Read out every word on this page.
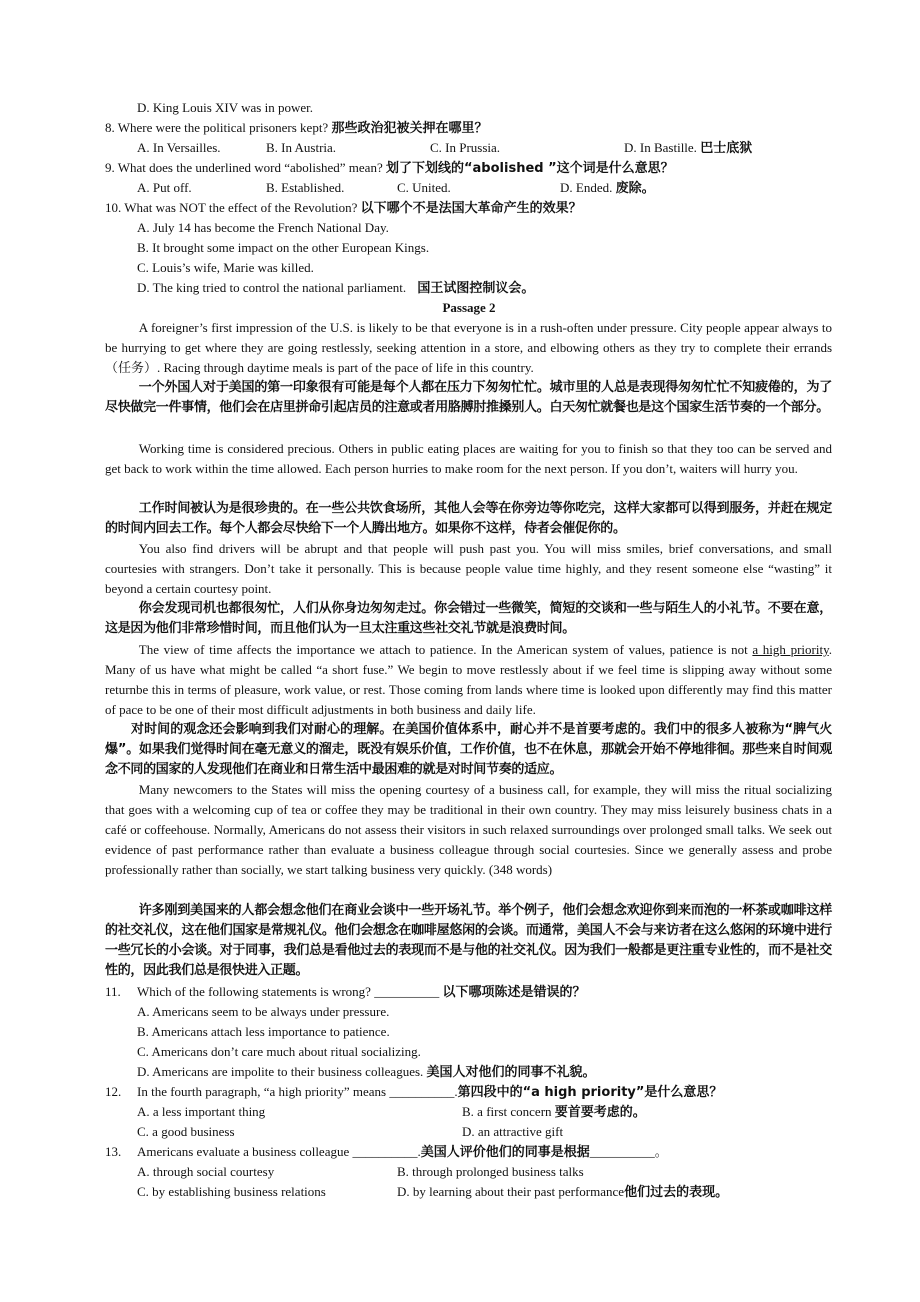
D. King Louis XIV was in power.
8. Where were the political prisoners kept? 那些政治犯被关押在哪里？
A. In Versailles.	B. In Austria.	C. In Prussia.	D. In Bastille. 巴士底狱
9. What does the underlined word “abolished” mean? 划了下划线的“abolished ”这个词是什么意思？
A. Put off.	B. Established.	C. United.	D. Ended. 废除。
10. What was NOT the effect of the Revolution? 以下哪个不是法国大革命产生的效果？
A. July 14 has become the French National Day.
B. It brought some impact on the other European Kings.
C. Louis’s wife, Marie was killed.
D. The king tried to control the national parliament. 国王试图控制议会。
Passage 2
A foreigner’s first impression of the U.S. is likely to be that everyone is in a rush-often under pressure. City people appear always to be hurrying to get where they are going restlessly, seeking attention in a store, and elbowing others as they try to complete their errands （任务）. Racing through daytime meals is part of the pace of life in this country.
一个外国人对于美国的第一印象很有可能是每个人都在压力下匆匆忙忙。城市里的人总是表现得匆匆忙忙不知疲倦的，为了尽快做完一件事情，他们会在店里拼命引起店员的注意或者用胳膊肘推搡别人。白天匆忙就餐也是这个国家生活节奏的一个部分。
Working time is considered precious. Others in public eating places are waiting for you to finish so that they too can be served and get back to work within the time allowed. Each person hurries to make room for the next person. If you don’t, waiters will hurry you.
工作时间被认为是很珍贵的。在一些公共饮食场所，其他人会等在你旁边等你吃完，这样大家都可以得到服务，并赶在规定的时间内回去工作。每个人都会尽快给下一个人腾出地方。如果你不这样，侍者会催促你的。
You also find drivers will be abrupt and that people will push past you. You will miss smiles, brief conversations, and small courtesies with strangers. Don’t take it personally. This is because people value time highly, and they resent someone else “wasting” it beyond a certain courtesy point.
你会发现司机也都很匆忙，人们从你身边匆匆走过。你会错过一些微笑，简短的交谈和一些与陌生人的小礼节。不要在意，这是因为他们非常珍惜时间，而且他们认为一旦太注重这些社交礼节就是浪费时间。
The view of time affects the importance we attach to patience. In the American system of values, patience is not a high priority. Many of us have what might be called “a short fuse.” We begin to move restlessly about if we feel time is slipping away without some returnbe this in terms of pleasure, work value, or rest. Those coming from lands where time is looked upon differently may find this matter of pace to be one of their most difficult adjustments in both business and daily life.
对时间的观念还会影响到我们对耐心的理解。在美国价值体系中，耐心并不是首要考虑的。我们中的很多人被称为“脾气火爆”。如果我们觉得时间在毫无意义的溜走，既没有娱乐价值，工作价值，也不在休息，那就会开始不停地徘徊。那些来自时间观念不同的国家的人发现他们在商业和日常生活中最困难的就是对时间节奏的适应。
Many newcomers to the States will miss the opening courtesy of a business call, for example, they will miss the ritual socializing that goes with a welcoming cup of tea or coffee they may be traditional in their own country. They may miss leisurely business chats in a café or coffeehouse. Normally, Americans do not assess their visitors in such relaxed surroundings over prolonged small talks. We seek out evidence of past performance rather than evaluate a business colleague through social courtesies. Since we generally assess and probe professionally rather than socially, we start talking business very quickly. (348 words)
许多刚到美国来的人都会想念他们在商业会谈中一些开场礼节。举个例子，他们会想念欢迎你到来而泡的一杯茶或咖啡这样的社交礼仪，这在他们国家是常规礼仪。他们会想念在咖啡屋悠闲的会谈。而通常，美国人不会与来访者在这么悠闲的环境中进行一些冗长的小会谈。对于同事，我们总是看他过去的表现而不是与他的社交礼仪。因为我们一般都是更注重专业性的，而不是社交性的，因此我们总是很快进入正题。
11. Which of the following statements is wrong? __________ 以下哪项陈述是错误的？
A. Americans seem to be always under pressure.
B. Americans attach less importance to patience.
C. Americans don’t care much about ritual socializing.
D. Americans are impolite to their business colleagues. 美国人对他们的同事不礼貌。
12. In the fourth paragraph, “a high priority” means __________.第四段中的“a high priority”是什么意思？
A. a less important thing	B. a first concern 要首要考虑的。
C. a good business	D. an attractive gift
13. Americans evaluate a business colleague __________.美国人评价他们的同事是根据__________。
A. through social courtesy	B. through prolonged business talks
C. by establishing business relations	D. by learning about their past performance他们过去的表现。
